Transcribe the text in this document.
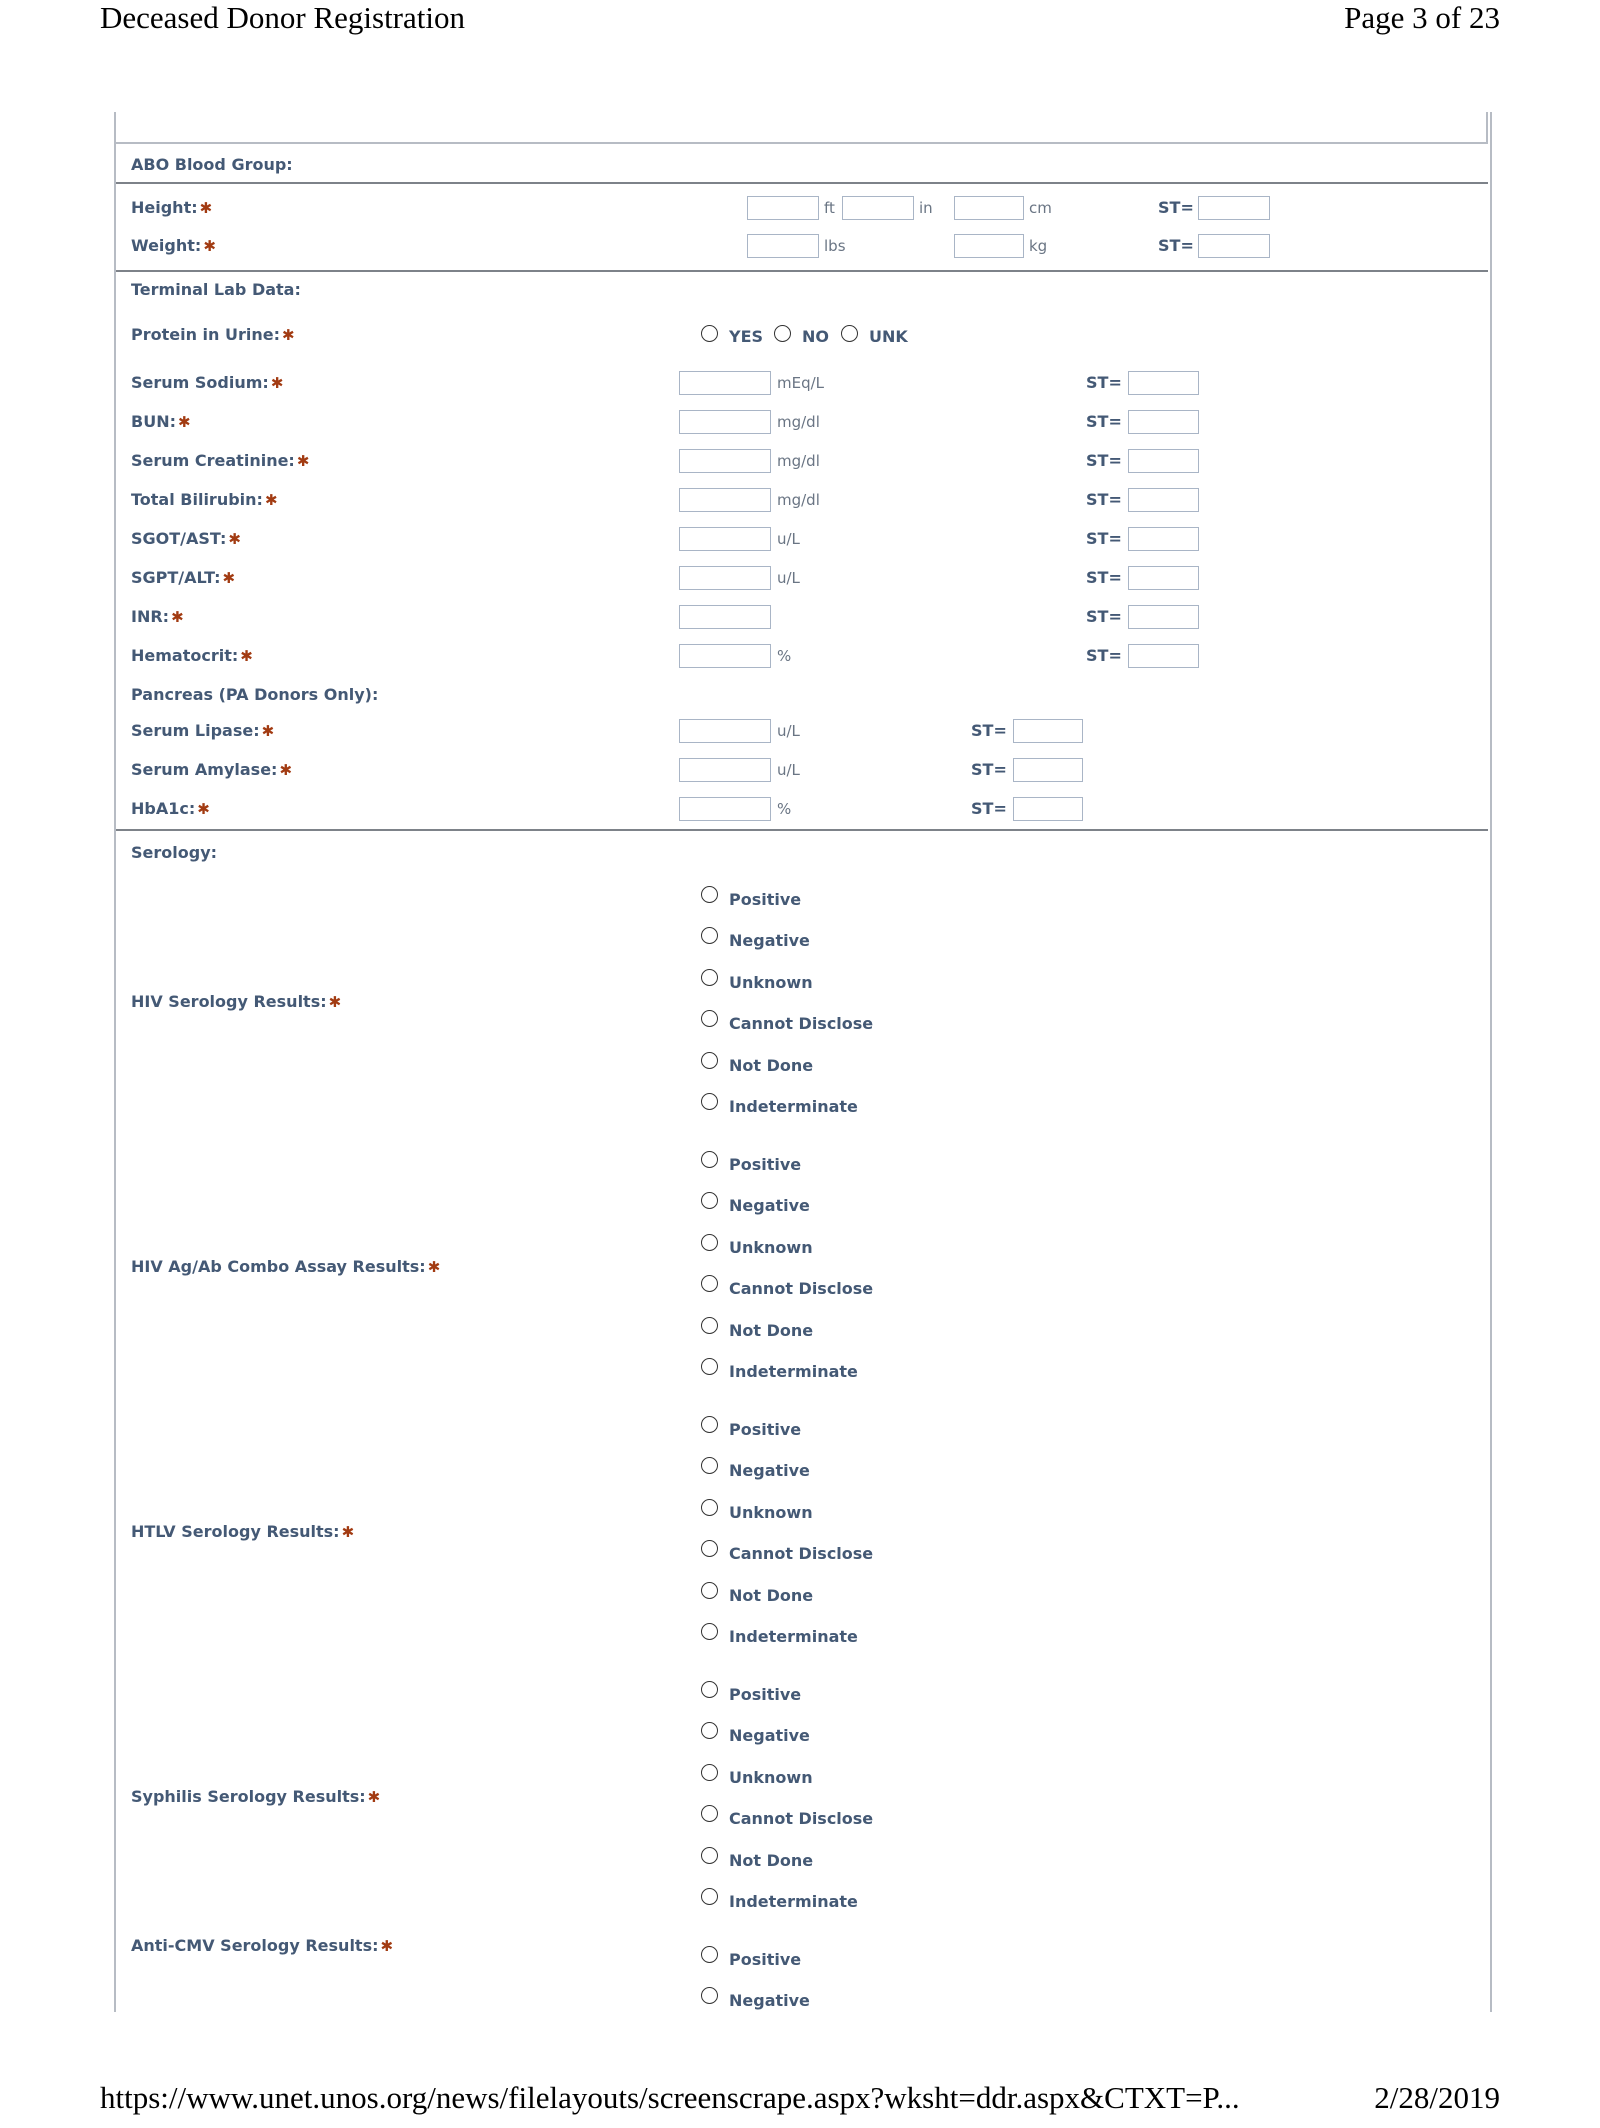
Deceased Donor Registration	Page 3 of 23
ABO Blood Group:
Height: ✱	ft	in	cm	ST=
Weight: ✱	lbs	kg	ST=
Terminal Lab Data:
Protein in Urine: ✱	YES NO	UNK
Serum Sodium: ✱	mEq/L	ST=
BUN: ✱	mg/dl	ST=
Serum Creatinine: ✱	mg/dl	ST=
Total Bilirubin: ✱	mg/dl	ST=
SGOT/AST: ✱	u/L	ST=
SGPT/ALT: ✱	u/L	ST=
INR: ✱	ST=
Hematocrit: ✱	%	ST=
Pancreas (PA Donors Only):
Serum Lipase: ✱	u/L	ST=
Serum Amylase: ✱	u/L	ST=
HbA1c: ✱	%	ST=
Serology:
HIV Serology Results: ✱
Positive
Negative
Unknown
Cannot Disclose
Not Done
Indeterminate
HIV Ag/Ab Combo Assay Results: ✱
Positive
Negative
Unknown
Cannot Disclose
Not Done
Indeterminate
HTLV Serology Results: ✱
Positive
Negative
Unknown
Cannot Disclose
Not Done
Indeterminate
Syphilis Serology Results: ✱
Positive
Negative
Unknown
Cannot Disclose
Not Done
Indeterminate
Anti-CMV Serology Results: ✱
Positive
Negative
https://www.unet.unos.org/news/filelayouts/screenscrape.aspx?wksht=ddr.aspx&CTXT=P...	2/28/2019
